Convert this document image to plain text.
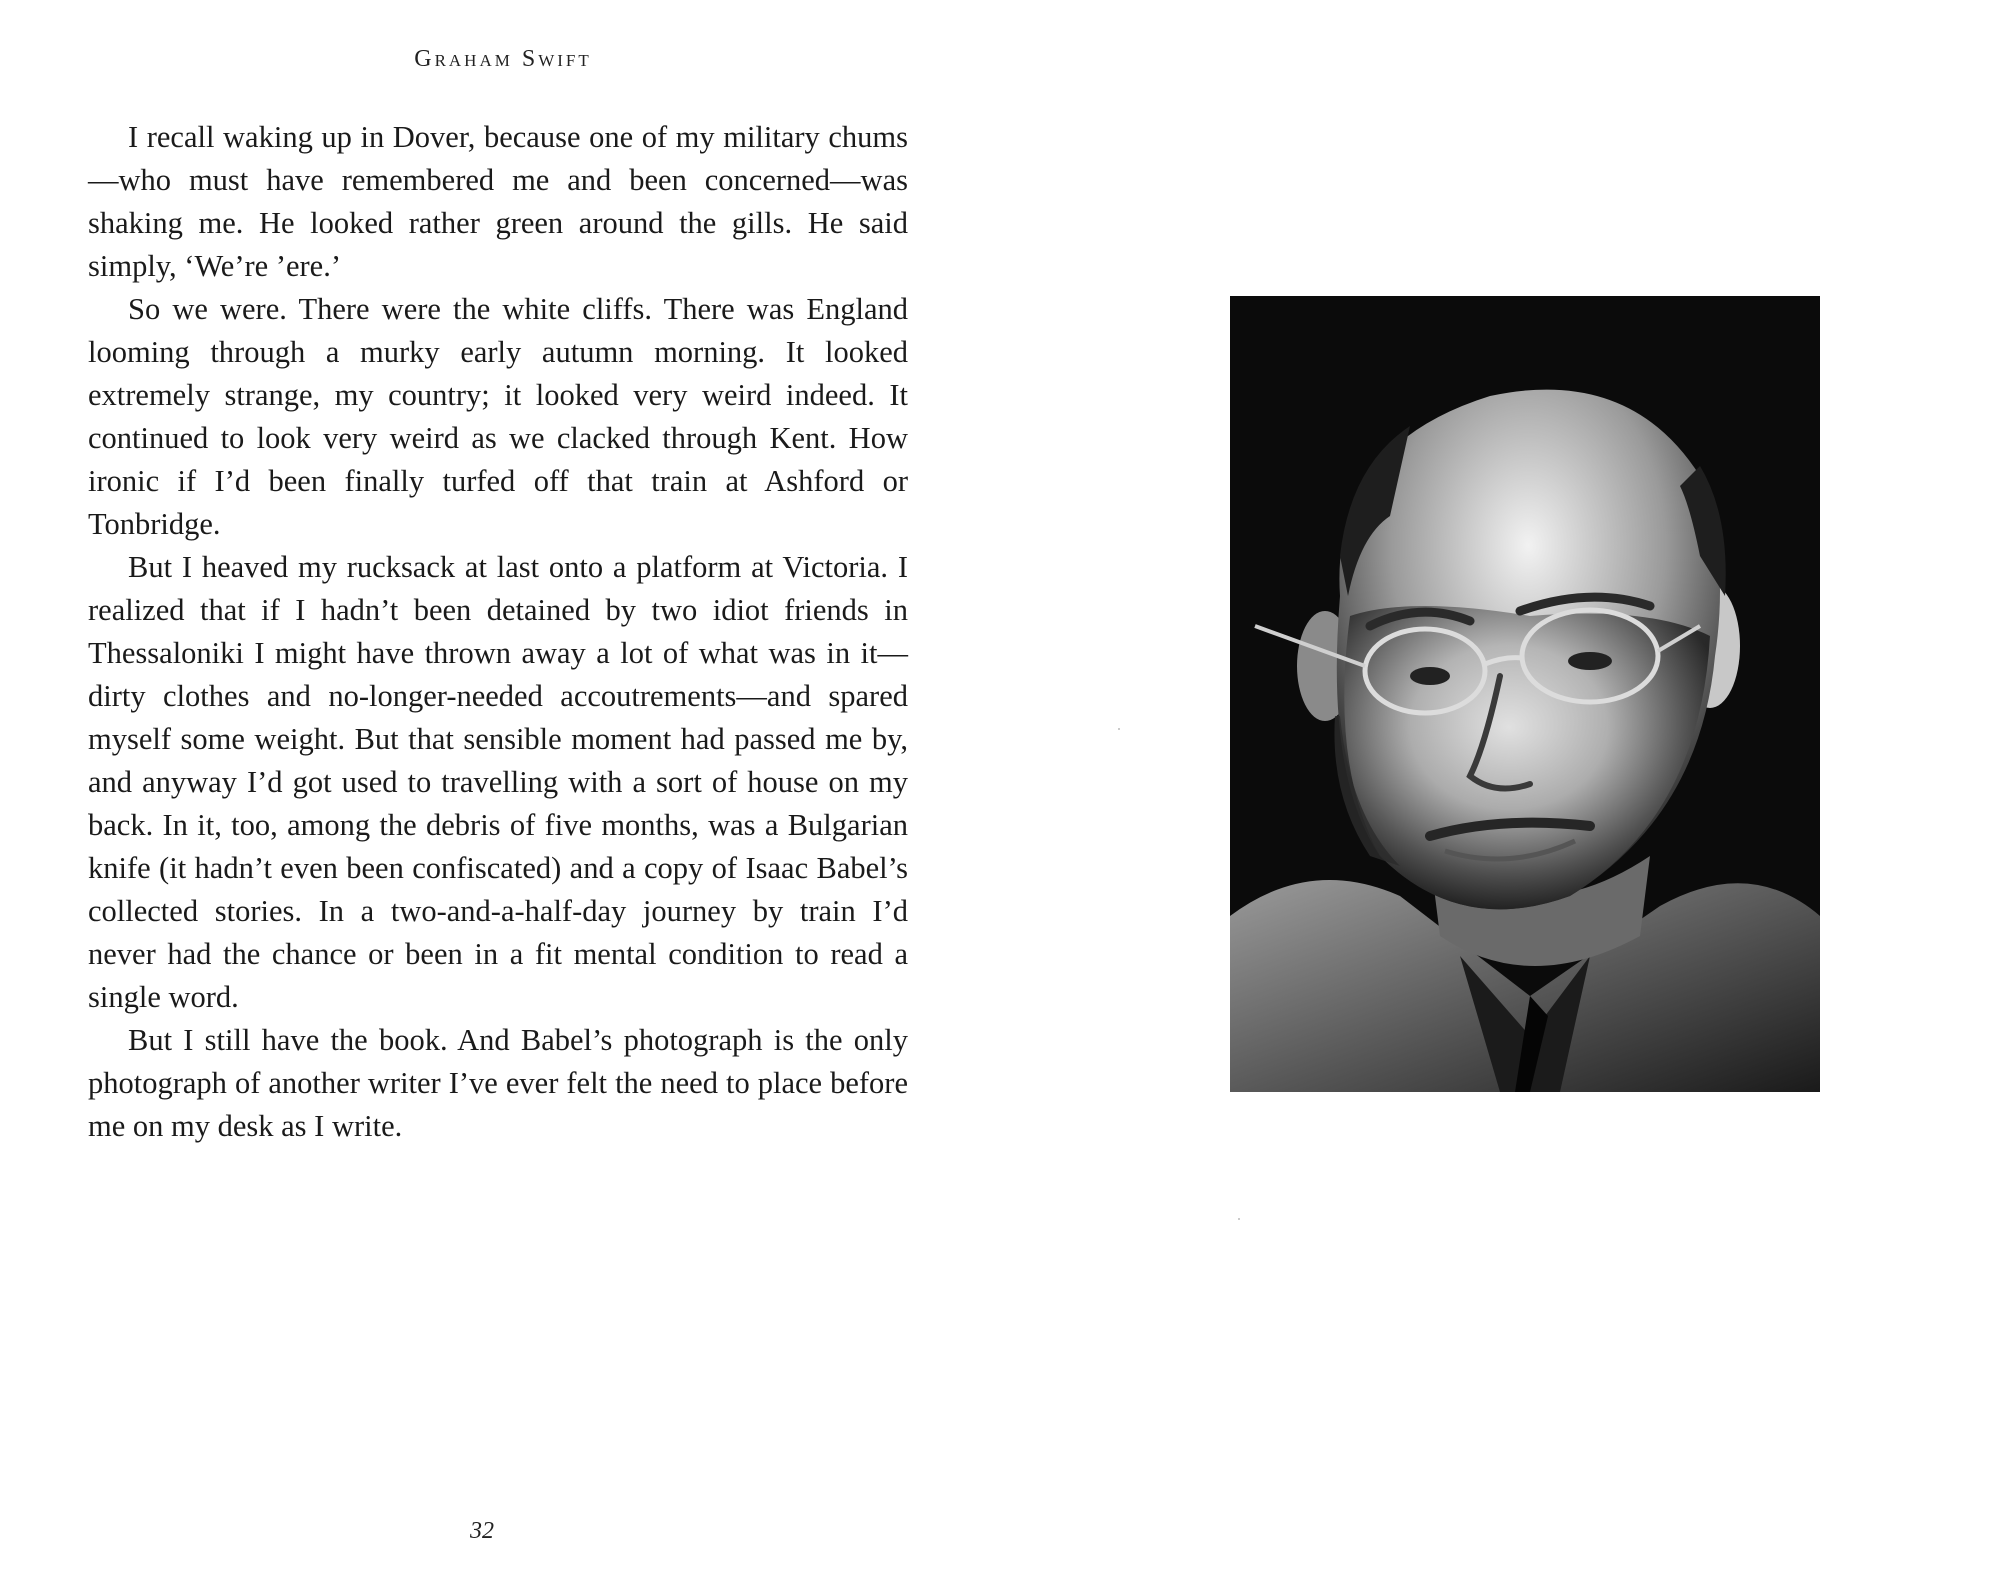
Graham Swift

I recall waking up in Dover, because one of my military chums—who must have remembered me and been concerned—was shaking me. He looked rather green around the gills. He said simply, ‘We’re ’ere.’

So we were. There were the white cliffs. There was England looming through a murky early autumn morning. It looked extremely strange, my country; it looked very weird indeed. It continued to look very weird as we clacked through Kent. How ironic if I’d been finally turfed off that train at Ashford or Tonbridge.

But I heaved my rucksack at last onto a platform at Victoria. I realized that if I hadn’t been detained by two idiot friends in Thessaloniki I might have thrown away a lot of what was in it—dirty clothes and no-longer-needed accoutrements—and spared myself some weight. But that sensible moment had passed me by, and anyway I’d got used to travelling with a sort of house on my back. In it, too, among the debris of five months, was a Bulgarian knife (it hadn’t even been confiscated) and a copy of Isaac Babel’s collected stories. In a two-and-a-half-day journey by train I’d never had the chance or been in a fit mental condition to read a single word.

But I still have the book. And Babel’s photograph is the only photograph of another writer I’ve ever felt the need to place before me on my desk as I write.

32
